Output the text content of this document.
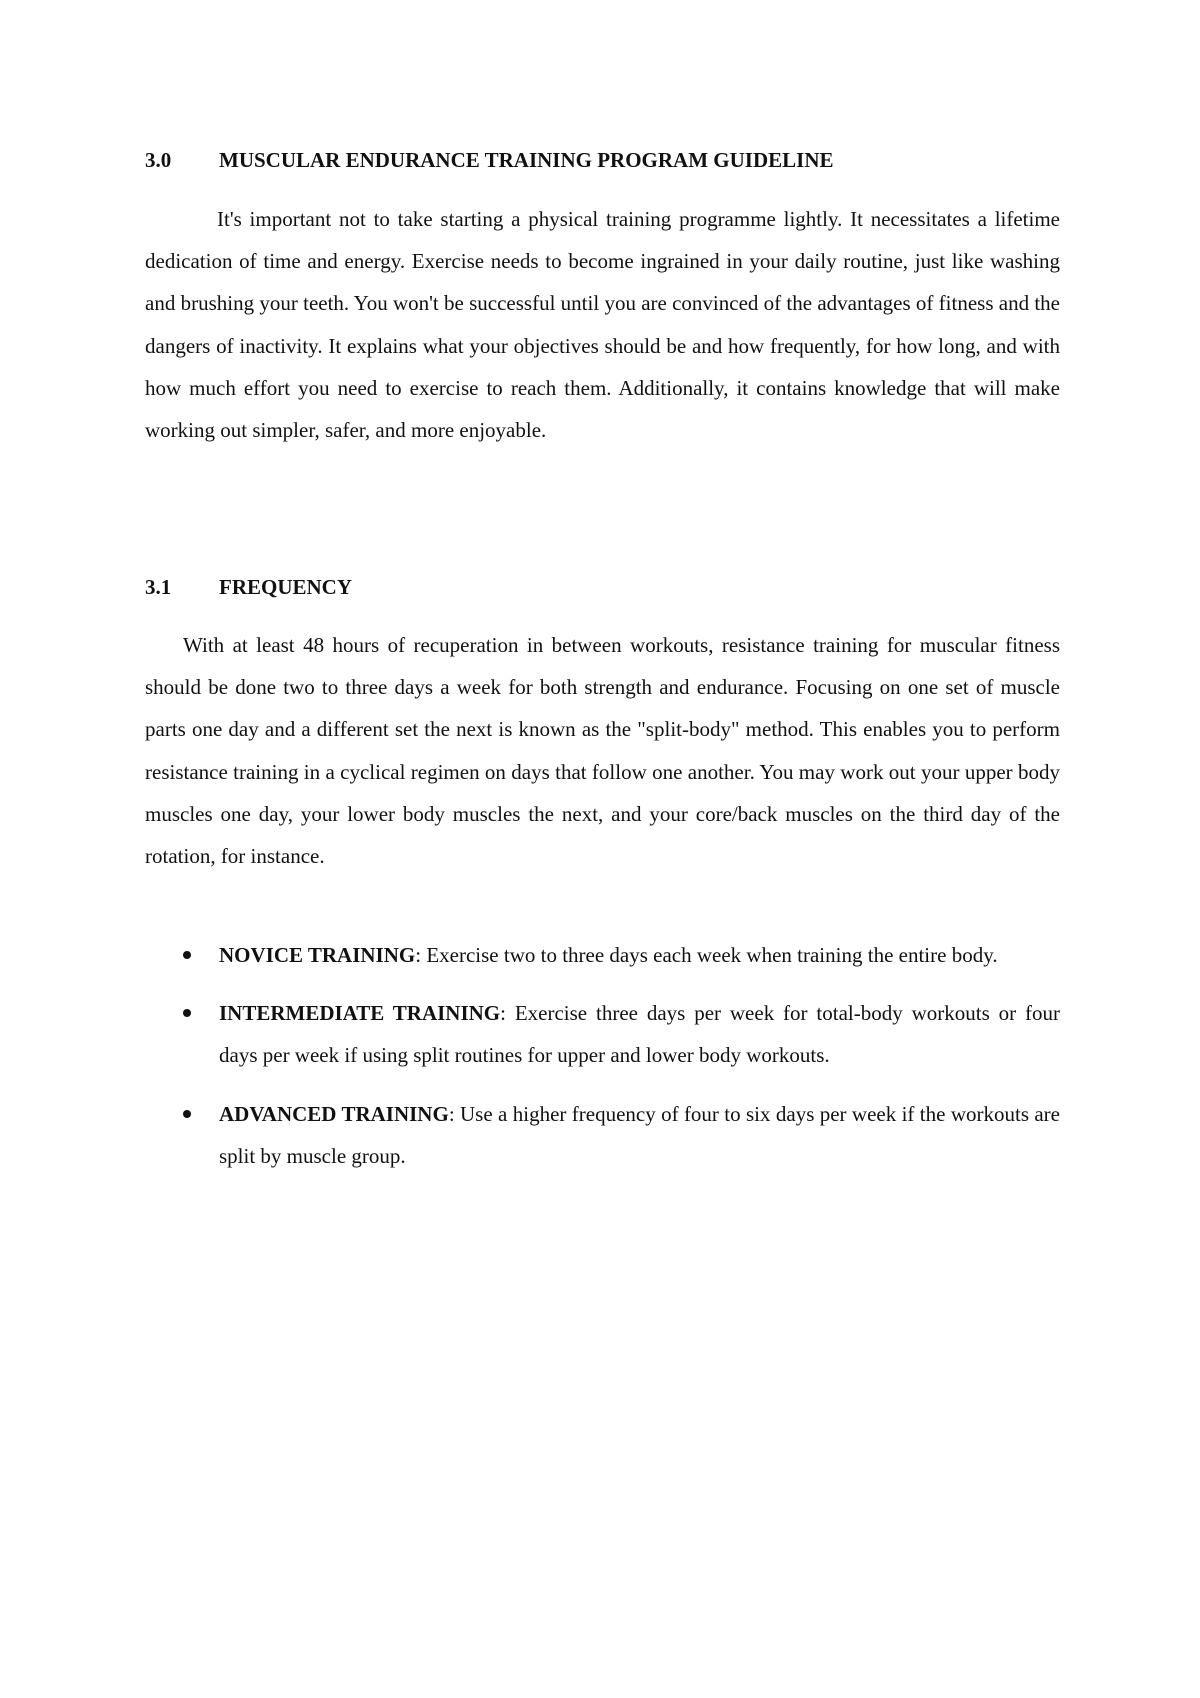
3.0 MUSCULAR ENDURANCE TRAINING PROGRAM GUIDELINE

It's important not to take starting a physical training programme lightly. It necessitates a lifetime dedication of time and energy. Exercise needs to become ingrained in your daily routine, just like washing and brushing your teeth. You won't be successful until you are convinced of the advantages of fitness and the dangers of inactivity. It explains what your objectives should be and how frequently, for how long, and with how much effort you need to exercise to reach them. Additionally, it contains knowledge that will make working out simpler, safer, and more enjoyable.

3.1 FREQUENCY

With at least 48 hours of recuperation in between workouts, resistance training for muscular fitness should be done two to three days a week for both strength and endurance. Focusing on one set of muscle parts one day and a different set the next is known as the "split-body" method. This enables you to perform resistance training in a cyclical regimen on days that follow one another. You may work out your upper body muscles one day, your lower body muscles the next, and your core/back muscles on the third day of the rotation, for instance.

NOVICE TRAINING: Exercise two to three days each week when training the entire body.
INTERMEDIATE TRAINING: Exercise three days per week for total-body workouts or four days per week if using split routines for upper and lower body workouts.
ADVANCED TRAINING: Use a higher frequency of four to six days per week if the workouts are split by muscle group.
